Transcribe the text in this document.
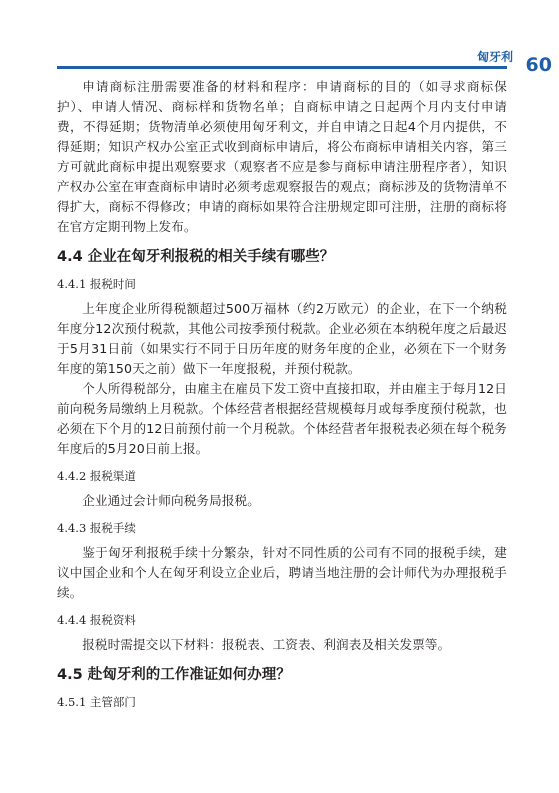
匈牙利 60

申请商标注册需要准备的材料和程序：申请商标的目的（如寻求商标保护）、申请人情况、商标样和货物名单；自商标申请之日起两个月内支付申请费，不得延期；货物清单必须使用匈牙利文，并自申请之日起4个月内提供，不得延期；知识产权办公室正式收到商标申请后，将公布商标申请相关内容，第三方可就此商标申提出观察要求（观察者不应是参与商标申请注册程序者），知识产权办公室在审查商标申请时必须考虑观察报告的观点；商标涉及的货物清单不得扩大，商标不得修改；申请的商标如果符合注册规定即可注册，注册的商标将在官方定期刊物上发布。

4.4 企业在匈牙利报税的相关手续有哪些？
4.4.1 报税时间

上年度企业所得税额超过500万福林（约2万欧元）的企业，在下一个纳税年度分12次预付税款，其他公司按季预付税款。企业必须在本纳税年度之后最迟于5月31日前（如果实行不同于日历年度的财务年度的企业，必须在下一个财务年度的第150天之前）做下一年度报税，并预付税款。

个人所得税部分，由雇主在雇员下发工资中直接扣取，并由雇主于每月12日前向税务局缴纳上月税款。个体经营者根据经营规模每月或每季度预付税款，也必须在下个月的12日前预付前一个月税款。个体经营者年报税表必须在每个税务年度后的5月20日前上报。

4.4.2 报税渠道

企业通过会计师向税务局报税。

4.4.3 报税手续

鉴于匈牙利报税手续十分繁杂，针对不同性质的公司有不同的报税手续，建议中国企业和个人在匈牙利设立企业后，聘请当地注册的会计师代为办理报税手续。

4.4.4 报税资料

报税时需提交以下材料：报税表、工资表、利润表及相关发票等。

4.5 赴匈牙利的工作准证如何办理？
4.5.1 主管部门
